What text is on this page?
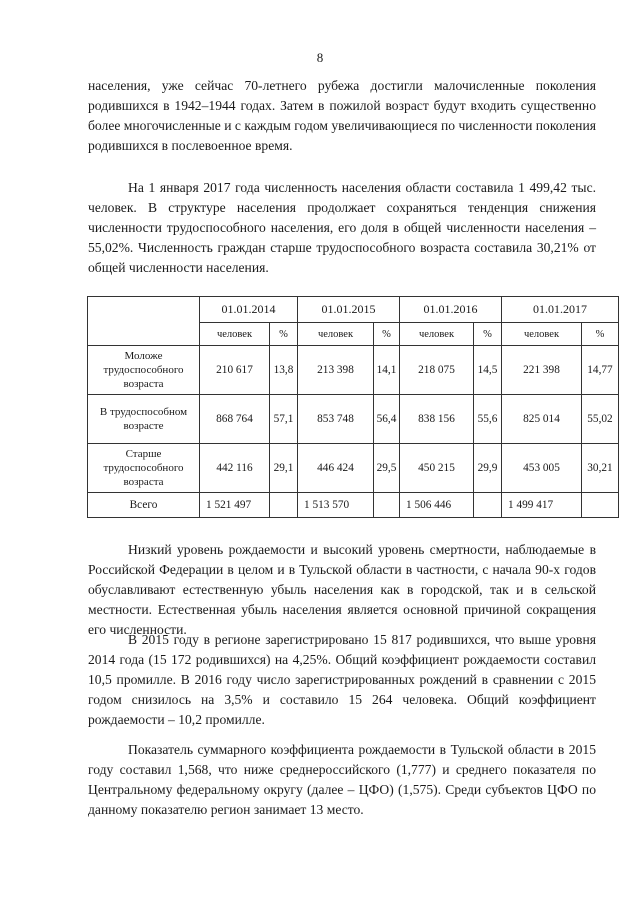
8

населения, уже сейчас 70-летнего рубежа достигли малочисленные поколения родившихся в 1942–1944 годах. Затем в пожилой возраст будут входить существенно более многочисленные и с каждым годом увеличивающиеся по численности поколения родившихся в послевоенное время.

На 1 января 2017 года численность населения области составила 1 499,42 тыс. человек. В структуре населения продолжает сохраняться тенденция снижения численности трудоспособного населения, его доля в общей численности населения – 55,02%. Численность граждан старше трудоспособного возраста составила 30,21% от общей численности населения.

	01.01.2014		01.01.2015		01.01.2016		01.01.2017	
	человек	%	человек	%	человек	%	человек	%
Моложе трудоспособного возраста	210 617	13,8	213 398	14,1	218 075	14,5	221 398	14,77
В трудоспособном возрасте	868 764	57,1	853 748	56,4	838 156	55,6	825 014	55,02
Старше трудоспособного возраста	442 116	29,1	446 424	29,5	450 215	29,9	453 005	30,21
Всего	1 521 497		1 513 570		1 506 446		1 499 417	

Низкий уровень рождаемости и высокий уровень смертности, наблюдаемые в Российской Федерации в целом и в Тульской области в частности, с начала 90-х годов обуславливают естественную убыль населения как в городской, так и в сельской местности. Естественная убыль населения является основной причиной сокращения его численности.

В 2015 году в регионе зарегистрировано 15 817 родившихся, что выше уровня 2014 года (15 172 родившихся) на 4,25%. Общий коэффициент рождаемости составил 10,5 промилле. В 2016 году число зарегистрированных рождений в сравнении с 2015 годом снизилось на 3,5% и составило 15 264 человека. Общий коэффициент рождаемости – 10,2 промилле.

Показатель суммарного коэффициента рождаемости в Тульской области в 2015 году составил 1,568, что ниже среднероссийского (1,777) и среднего показателя по Центральному федеральному округу (далее – ЦФО) (1,575). Среди субъектов ЦФО по данному показателю регион занимает 13 место.
